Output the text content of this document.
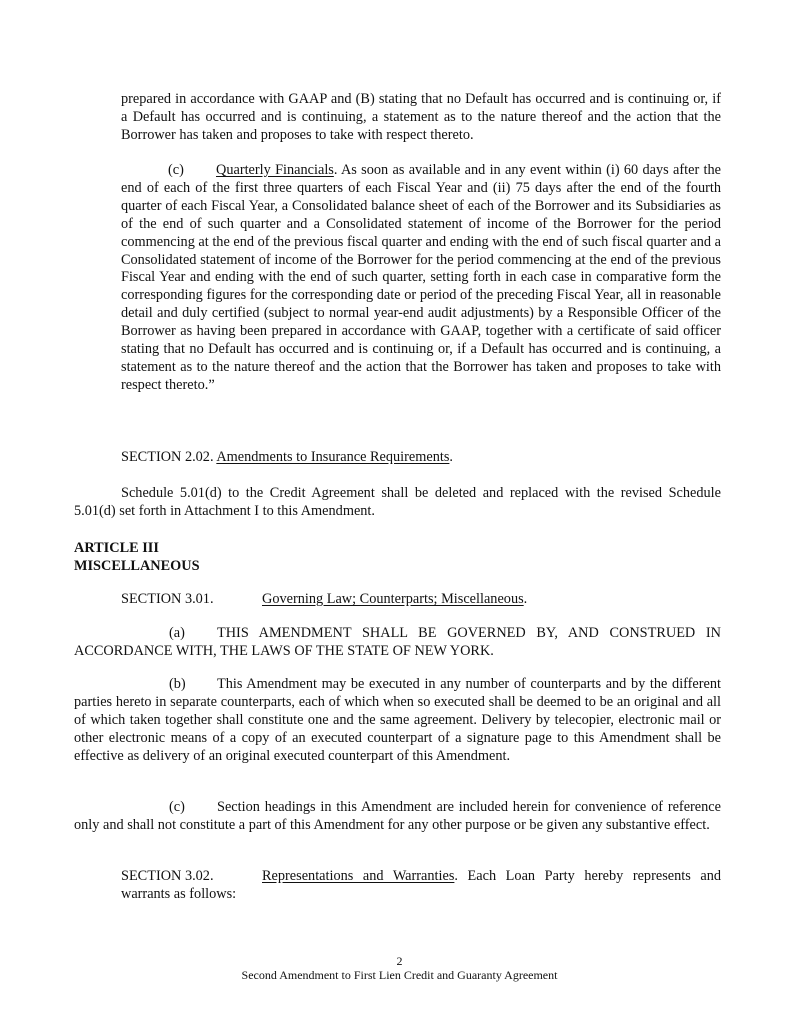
prepared in accordance with GAAP and (B) stating that no Default has occurred and is continuing or, if a Default has occurred and is continuing, a statement as to the nature thereof and the action that the Borrower has taken and proposes to take with respect thereto.

(c) Quarterly Financials. As soon as available and in any event within (i) 60 days after the end of each of the first three quarters of each Fiscal Year and (ii) 75 days after the end of the fourth quarter of each Fiscal Year, a Consolidated balance sheet of each of the Borrower and its Subsidiaries as of the end of such quarter and a Consolidated statement of income of the Borrower for the period commencing at the end of the previous fiscal quarter and ending with the end of such fiscal quarter and a Consolidated statement of income of the Borrower for the period commencing at the end of the previous Fiscal Year and ending with the end of such quarter, setting forth in each case in comparative form the corresponding figures for the corresponding date or period of the preceding Fiscal Year, all in reasonable detail and duly certified (subject to normal year-end audit adjustments) by a Responsible Officer of the Borrower as having been prepared in accordance with GAAP, together with a certificate of said officer stating that no Default has occurred and is continuing or, if a Default has occurred and is continuing, a statement as to the nature thereof and the action that the Borrower has taken and proposes to take with respect thereto.”

SECTION 2.02. Amendments to Insurance Requirements.

Schedule 5.01(d) to the Credit Agreement shall be deleted and replaced with the revised Schedule 5.01(d) set forth in Attachment I to this Amendment.

ARTICLE III
MISCELLANEOUS

SECTION 3.01.	Governing Law; Counterparts; Miscellaneous.

(a) THIS AMENDMENT SHALL BE GOVERNED BY, AND CONSTRUED IN ACCORDANCE WITH, THE LAWS OF THE STATE OF NEW YORK.

(b) This Amendment may be executed in any number of counterparts and by the different parties hereto in separate counterparts, each of which when so executed shall be deemed to be an original and all of which taken together shall constitute one and the same agreement. Delivery by telecopier, electronic mail or other electronic means of a copy of an executed counterpart of a signature page to this Amendment shall be effective as delivery of an original executed counterpart of this Amendment.

(c) Section headings in this Amendment are included herein for convenience of reference only and shall not constitute a part of this Amendment for any other purpose or be given any substantive effect.

SECTION 3.02.	Representations and Warranties. Each Loan Party hereby represents and warrants as follows:

2
Second Amendment to First Lien Credit and Guaranty Agreement
